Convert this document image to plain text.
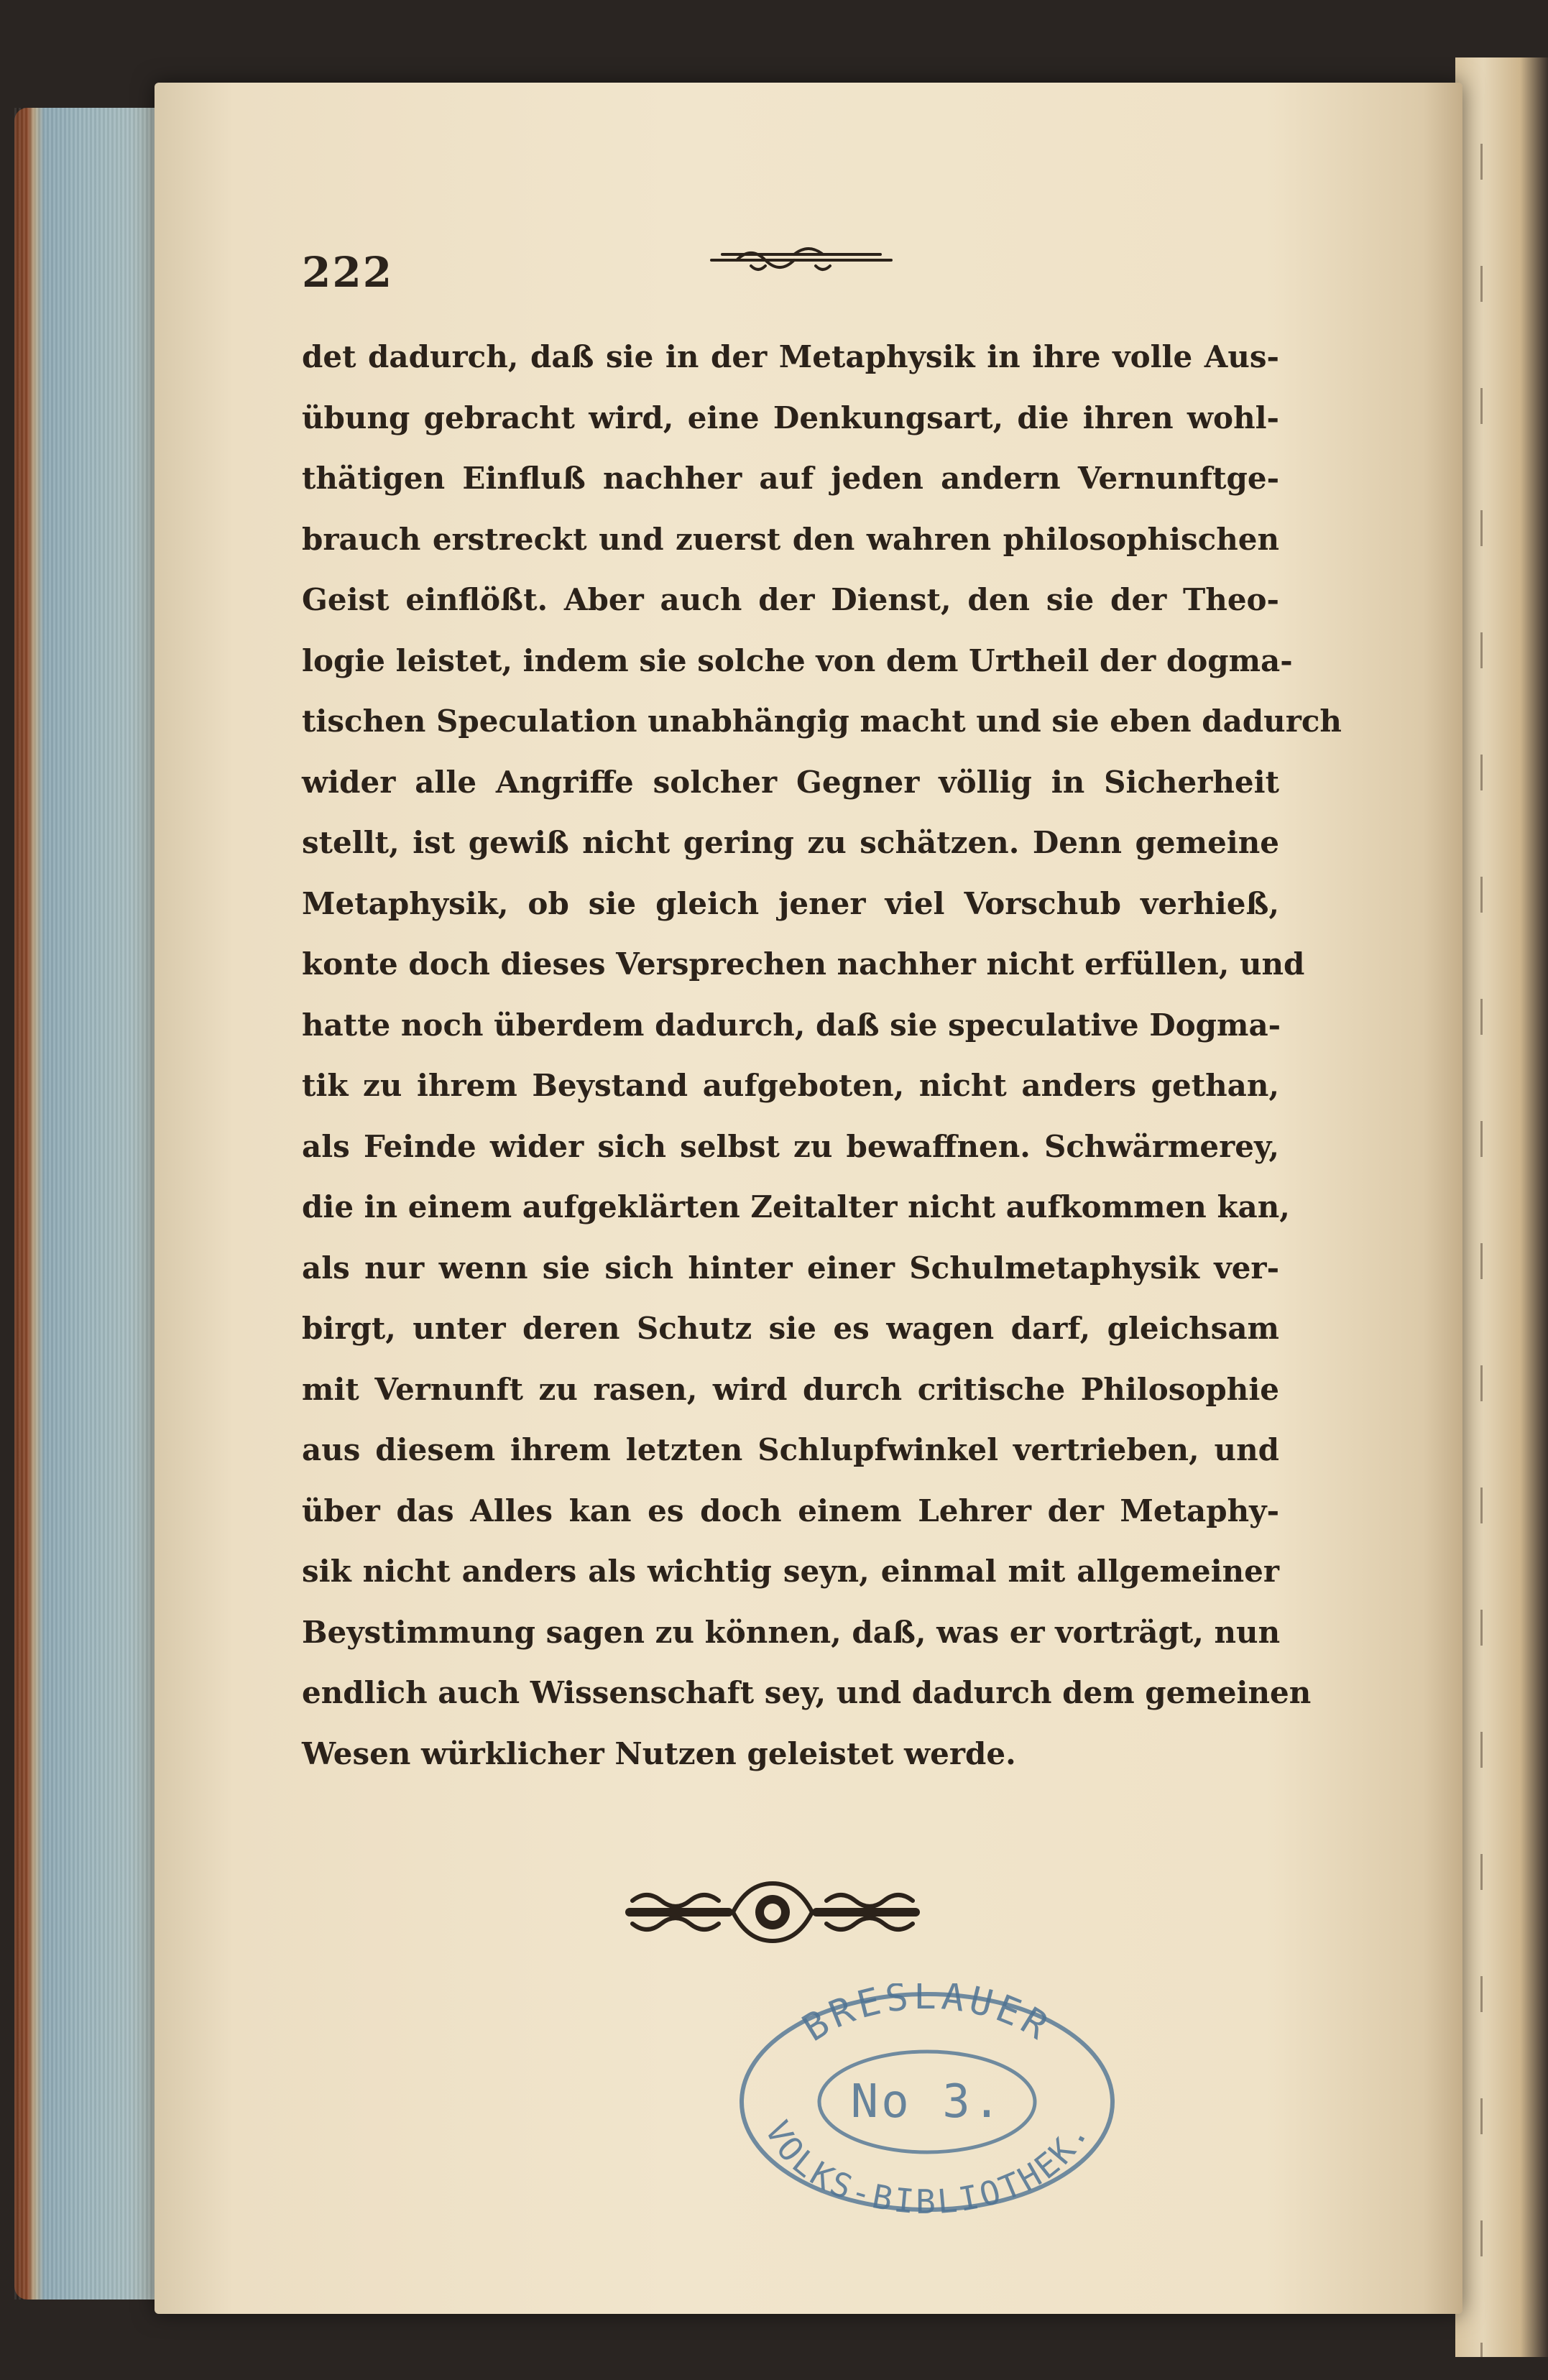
222
det dadurch, daß sie in der Metaphysik in ihre volle Aus-
übung gebracht wird, eine Denkungsart, die ihren wohl-
thätigen Einfluß nachher auf jeden andern Vernunftge-
brauch erstreckt und zuerst den wahren philosophischen
Geist einflößt. Aber auch der Dienst, den sie der Theo-
logie leistet, indem sie solche von dem Urtheil der dogma-
tischen Speculation unabhängig macht und sie eben dadurch
wider alle Angriffe solcher Gegner völlig in Sicherheit
stellt, ist gewiß nicht gering zu schätzen. Denn gemeine
Metaphysik, ob sie gleich jener viel Vorschub verhieß,
konte doch dieses Versprechen nachher nicht erfüllen, und
hatte noch überdem dadurch, daß sie speculative Dogma-
tik zu ihrem Beystand aufgeboten, nicht anders gethan,
als Feinde wider sich selbst zu bewaffnen. Schwärmerey,
die in einem aufgeklärten Zeitalter nicht aufkommen kan,
als nur wenn sie sich hinter einer Schulmetaphysik ver-
birgt, unter deren Schutz sie es wagen darf, gleichsam
mit Vernunft zu rasen, wird durch critische Philosophie
aus diesem ihrem letzten Schlupfwinkel vertrieben, und
über das Alles kan es doch einem Lehrer der Metaphy-
sik nicht anders als wichtig seyn, einmal mit allgemeiner
Beystimmung sagen zu können, daß, was er vorträgt, nun
endlich auch Wissenschaft sey, und dadurch dem gemeinen
Wesen würklicher Nutzen geleistet werde.
BRESLAUER
VOLKS-BIBLIOTHEK.
No 3.
